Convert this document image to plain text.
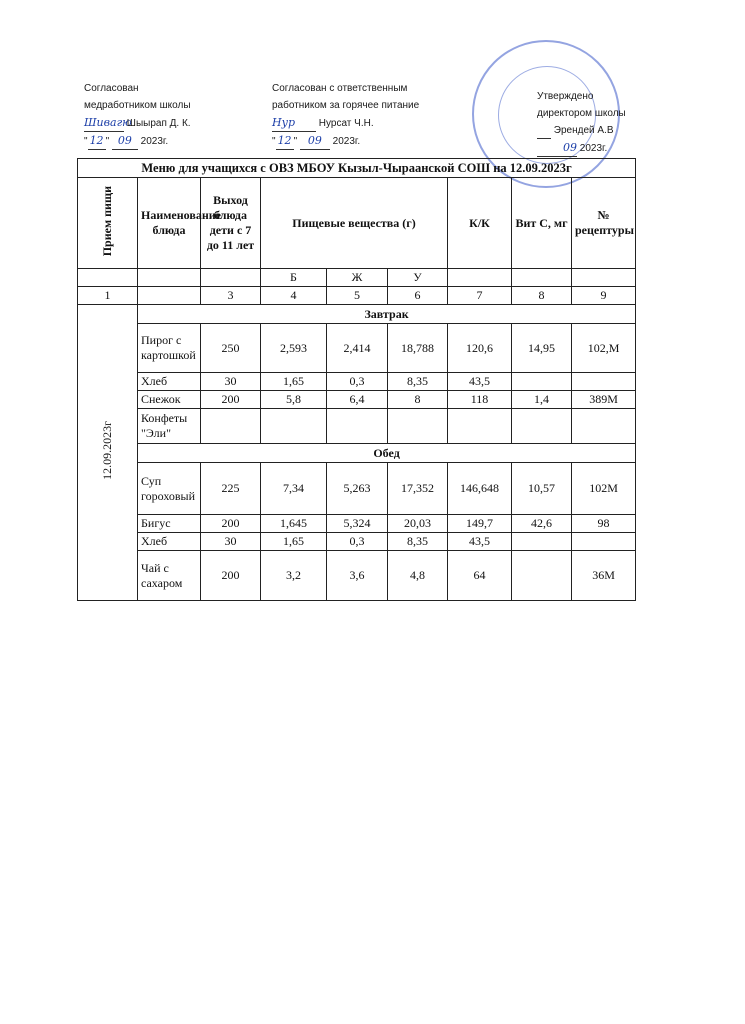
Согласован
медработником школы
Шивагю Шыырап Д. К.
" 12 " 09 2023г.
Согласован с ответственным
работником за горячее питание
Нур Нурсат Ч.Н.
" 12 " 09 2023г.
Утверждено
директором школы
Эрендей А.В
09 2023г.
Меню для учащихся с ОВЗ МБОУ Кызыл-Чыраанской СОШ на 12.09.2023г								
Прием пищи	Наименование блюда	Выход блюда дети с 7 до 11 лет	Пищевые вещества (г)			К/К	Вит С, мг	№ рецептуры
			Б	Ж	У			
1		3	4	5	6	7	8	9
12.09.2023г	Завтрак							
	Пирог с картошкой	250	2,593	2,414	18,788	120,6	14,95	102,М
	Хлеб	30	1,65	0,3	8,35	43,5		
	Снежок	200	5,8	6,4	8	118	1,4	389М
	Конфеты "Эли"							
	Обед							
	Суп гороховый	225	7,34	5,263	17,352	146,648	10,57	102М
	Бигус	200	1,645	5,324	20,03	149,7	42,6	98
	Хлеб	30	1,65	0,3	8,35	43,5		
	Чай с сахаром	200	3,2	3,6	4,8	64		36М
